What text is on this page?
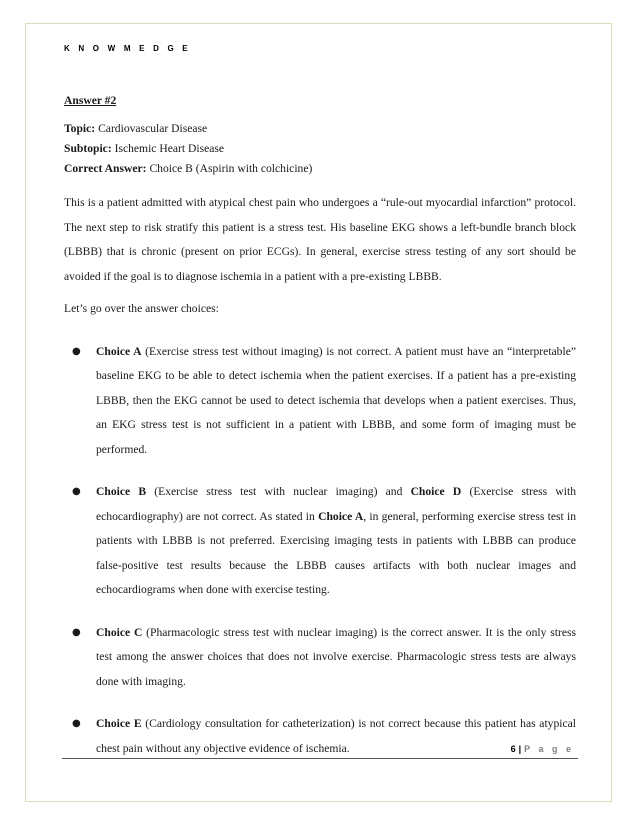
K N O W M E D G E

Answer #2

Topic: Cardiovascular Disease

Subtopic: Ischemic Heart Disease

Correct Answer: Choice B (Aspirin with colchicine)

This is a patient admitted with atypical chest pain who undergoes a “rule-out myocardial infarction” protocol. The next step to risk stratify this patient is a stress test. His baseline EKG shows a left-bundle branch block (LBBB) that is chronic (present on prior ECGs). In general, exercise stress testing of any sort should be avoided if the goal is to diagnose ischemia in a patient with a pre-existing LBBB.

Let’s go over the answer choices:

● Choice A (Exercise stress test without imaging) is not correct. A patient must have an “interpretable” baseline EKG to be able to detect ischemia when the patient exercises. If a patient has a pre-existing LBBB, then the EKG cannot be used to detect ischemia that develops when a patient exercises. Thus, an EKG stress test is not sufficient in a patient with LBBB, and some form of imaging must be performed.
● Choice B (Exercise stress test with nuclear imaging) and Choice D (Exercise stress with echocardiography) are not correct. As stated in Choice A, in general, performing exercise stress test in patients with LBBB is not preferred. Exercising imaging tests in patients with LBBB can produce false-positive test results because the LBBB causes artifacts with both nuclear images and echocardiograms when done with exercise testing.
● Choice C (Pharmacologic stress test with nuclear imaging) is the correct answer. It is the only stress test among the answer choices that does not involve exercise. Pharmacologic stress tests are always done with imaging.
● Choice E (Cardiology consultation for catheterization) is not correct because this patient has atypical chest pain without any objective evidence of ischemia.	6 | P a g e
